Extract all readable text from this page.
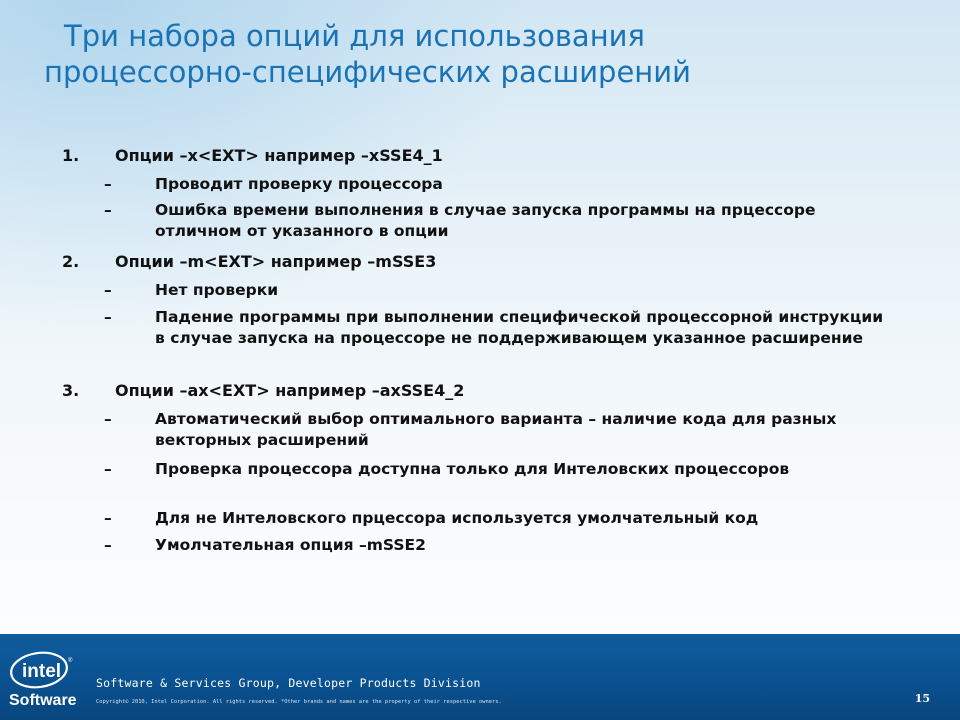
Три набора опций для использования
процессорно-специфических расширений
1. Опции –x<EXT> например –xSSE4_1
–	Проводит проверку процессора
–	Ошибка времени выполнения в случае запуска программы на прцессоре отличном от указанного в опции
2. Опции –m<EXT> например –mSSE3
–	Нет проверки
–	Падение программы при выполнении специфической процессорной инструкции в случае запуска на процессоре не поддерживающем указанное расширение
3. Опции –ax<EXT> например –axSSE4_2
–	Автоматический выбор оптимального варианта – наличие кода для разных векторных расширений
–	Проверка процессора доступна только для Интеловских процессоров
–	Для не Интеловского прцессора используется умолчательный код
–	Умолчательная опция –mSSE2
intel ®
Software
Software & Services Group, Developer Products Division
Copyright© 2010, Intel Corporation. All rights reserved. *Other brands and names are the property of their respective owners.	15
